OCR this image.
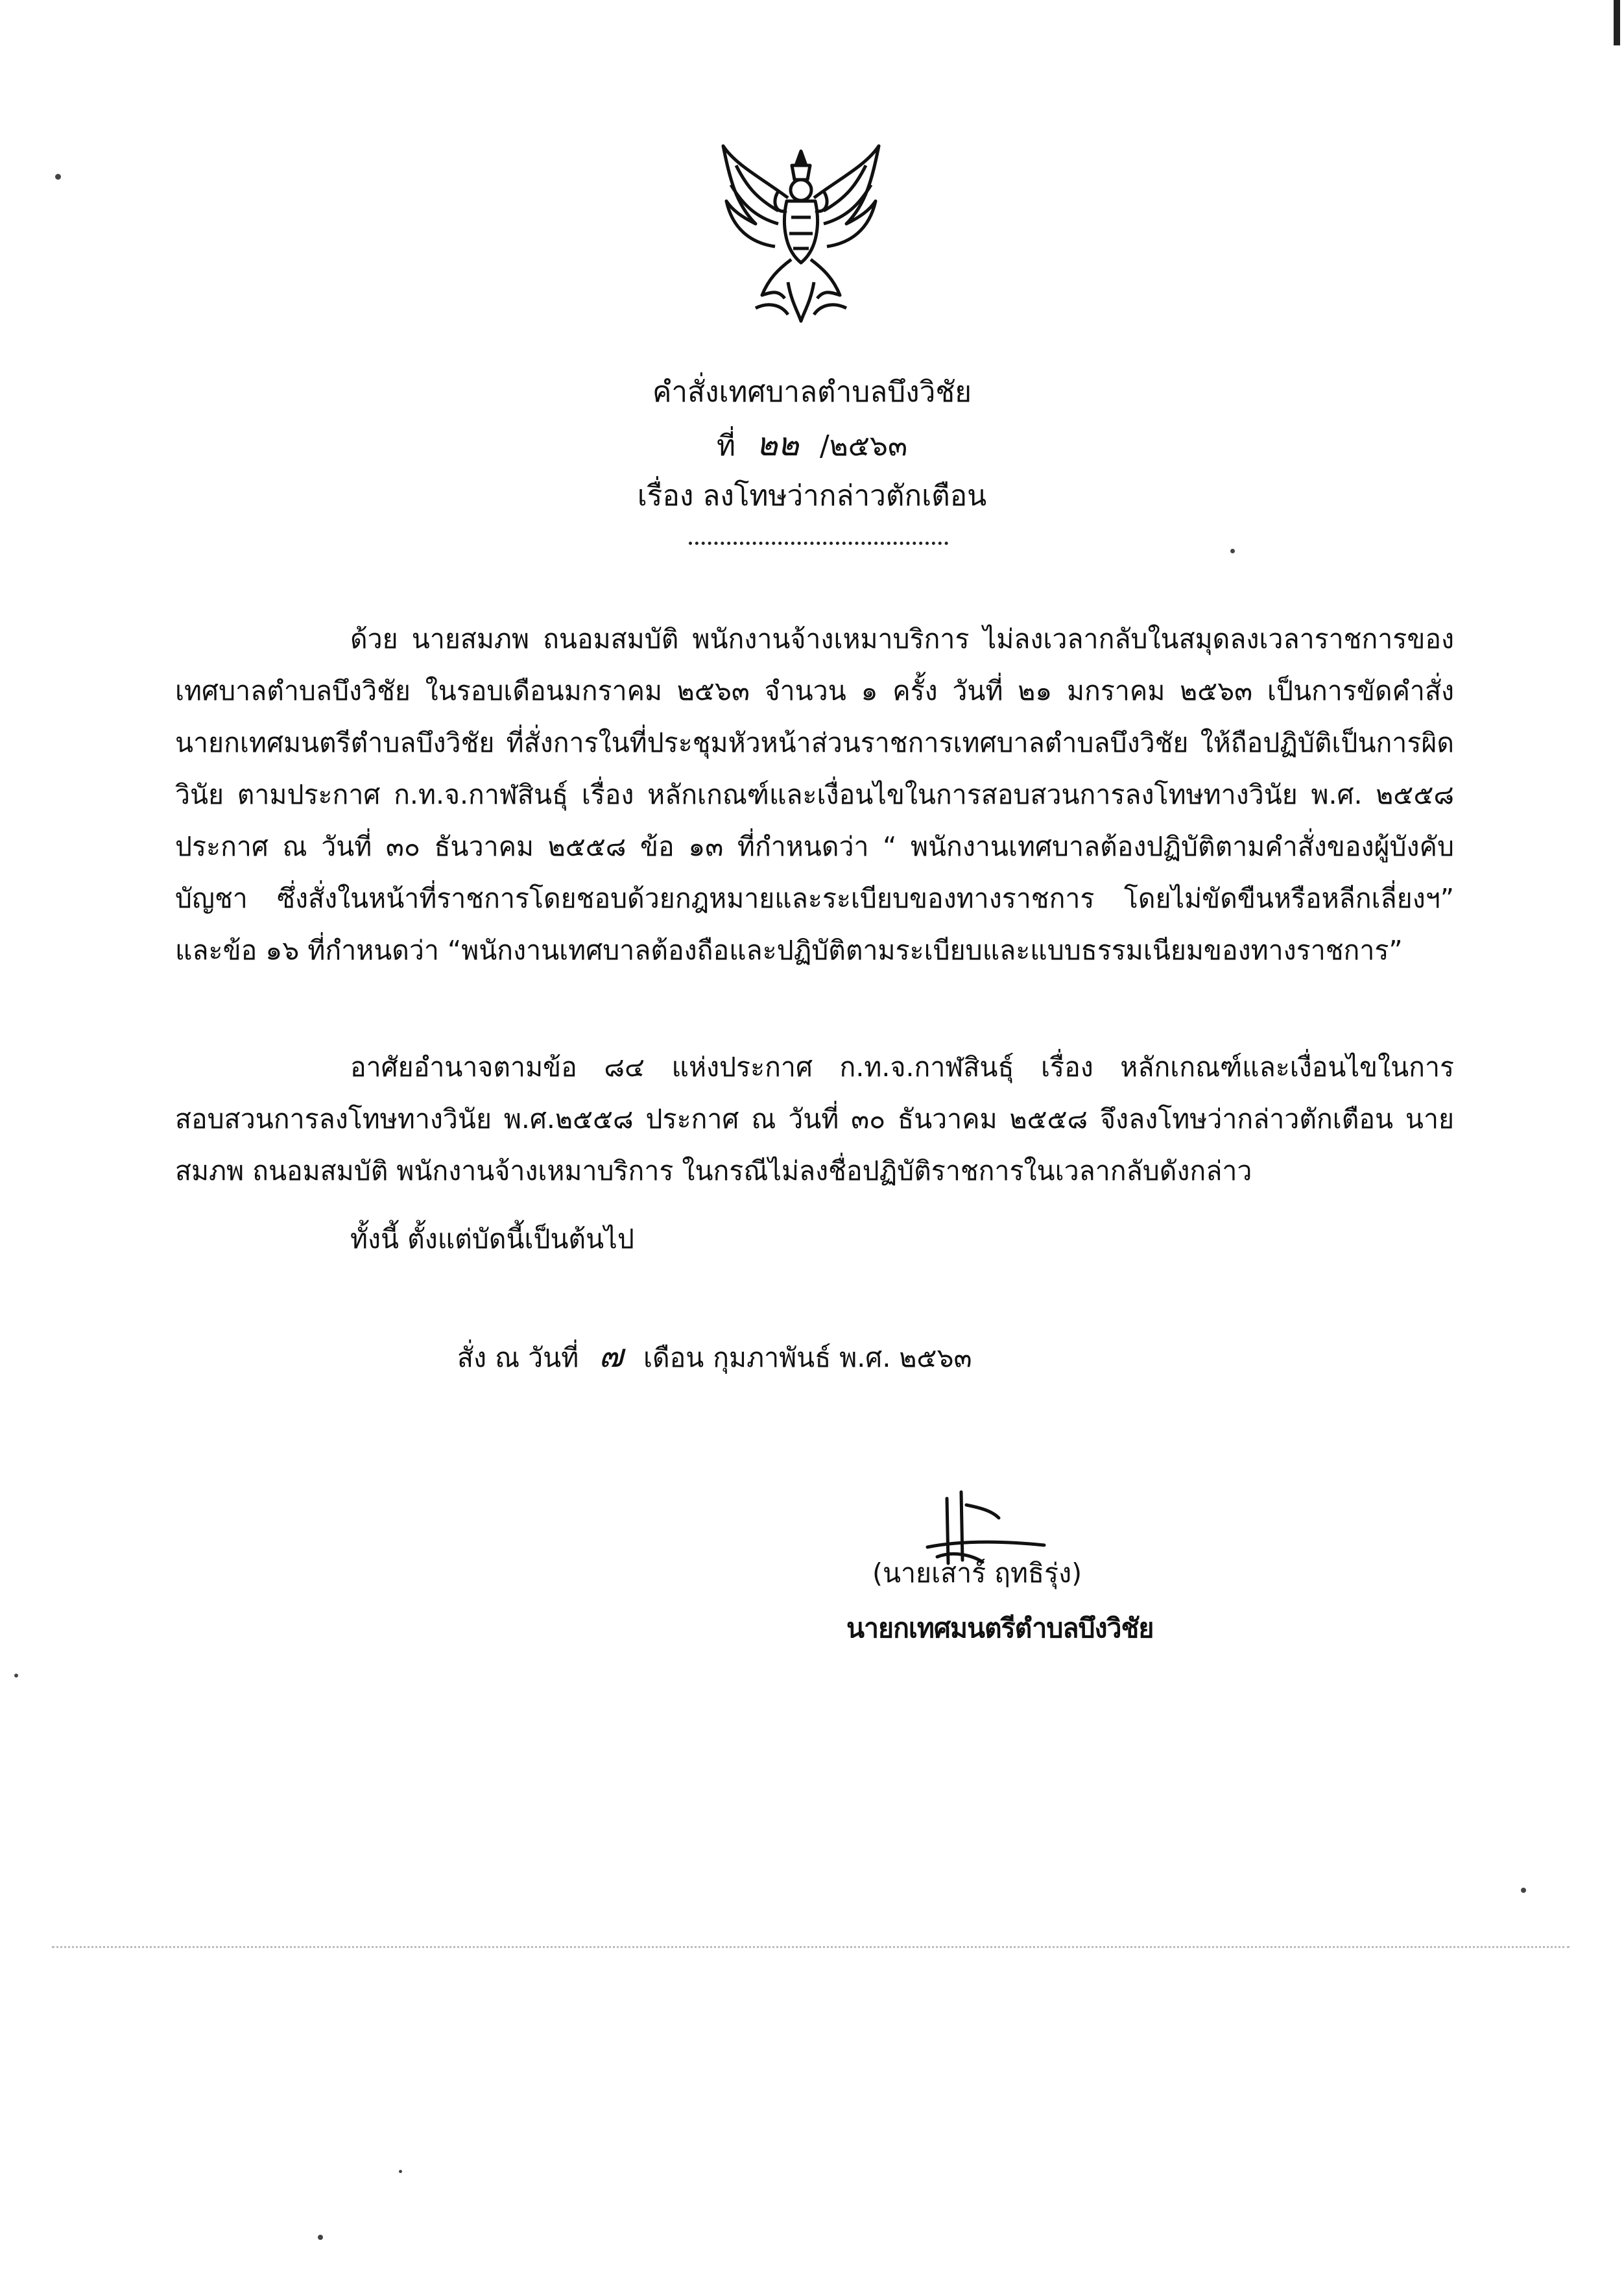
คำสั่งเทศบาลตำบลบึงวิชัย
ที่ ๒๒ /๒๕๖๓
เรื่อง ลงโทษว่ากล่าวตักเตือน

ด้วย นายสมภพ ถนอมสมบัติ พนักงานจ้างเหมาบริการ ไม่ลงเวลากลับในสมุดลงเวลาราชการของเทศบาลตำบลบึงวิชัย ในรอบเดือนมกราคม ๒๕๖๓ จำนวน ๑ ครั้ง วันที่ ๒๑ มกราคม ๒๕๖๓ เป็นการขัดคำสั่งนายกเทศมนตรีตำบลบึงวิชัย ที่สั่งการในที่ประชุมหัวหน้าส่วนราชการเทศบาลตำบลบึงวิชัย ให้ถือปฏิบัติเป็นการผิดวินัย ตามประกาศ ก.ท.จ.กาฬสินธุ์ เรื่อง หลักเกณฑ์และเงื่อนไขในการสอบสวนการลงโทษทางวินัย พ.ศ. ๒๕๕๘ ประกาศ ณ วันที่ ๓๐ ธันวาคม ๒๕๕๘ ข้อ ๑๓ ที่กำหนดว่า “ พนักงานเทศบาลต้องปฏิบัติตามคำสั่งของผู้บังคับบัญชา ซึ่งสั่งในหน้าที่ราชการโดยชอบด้วยกฎหมายและระเบียบของทางราชการ โดยไม่ขัดขืนหรือหลีกเลี่ยงฯ” และข้อ ๑๖ ที่กำหนดว่า “พนักงานเทศบาลต้องถือและปฏิบัติตามระเบียบและแบบธรรมเนียมของทางราชการ”

อาศัยอำนาจตามข้อ ๘๔ แห่งประกาศ ก.ท.จ.กาฬสินธุ์ เรื่อง หลักเกณฑ์และเงื่อนไขในการสอบสวนการลงโทษทางวินัย พ.ศ.๒๕๕๘ ประกาศ ณ วันที่ ๓๐ ธันวาคม ๒๕๕๘ จึงลงโทษว่ากล่าวตักเตือน นายสมภพ ถนอมสมบัติ พนักงานจ้างเหมาบริการ ในกรณีไม่ลงชื่อปฏิบัติราชการในเวลากลับดังกล่าว

ทั้งนี้ ตั้งแต่บัดนี้เป็นต้นไป

สั่ง ณ วันที่ ๗ เดือน กุมภาพันธ์ พ.ศ. ๒๕๖๓
(นายเสาร์ ฤทธิรุ่ง)
นายกเทศมนตรีตำบลบึงวิชัย
